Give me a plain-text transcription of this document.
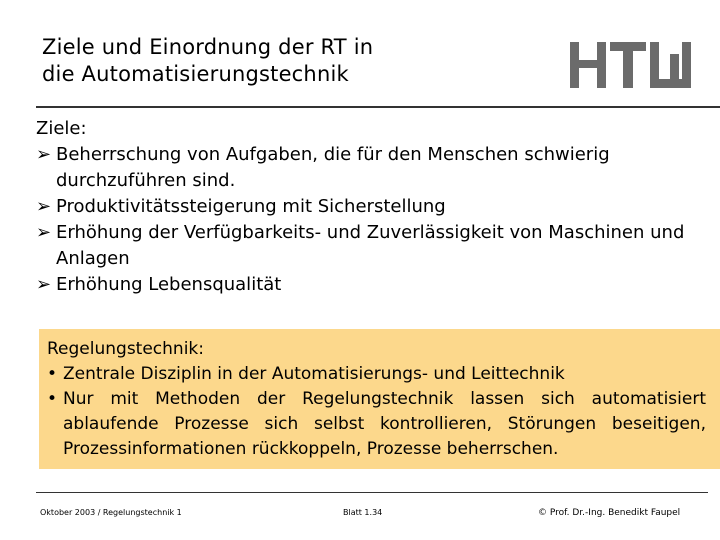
Ziele und Einordnung der RT in
die Automatisierungstechnik

Ziele:

➢ Beherrschung von Aufgaben, die für den Menschen schwierig durchzuführen sind.
➢ Produktivitätssteigerung mit Sicherstellung
➢ Erhöhung der Verfügbarkeits- und Zuverlässigkeit von Maschinen und Anlagen
➢ Erhöhung Lebensqualität

Regelungstechnik:

• Zentrale Disziplin in der Automatisierungs- und Leittechnik
• Nur mit Methoden der Regelungstechnik lassen sich automatisiert ablaufende Prozesse sich selbst kontrollieren, Störungen beseitigen, Prozessinformationen rückkoppeln, Prozesse beherrschen.
Oktober 2003 / Regelungstechnik 1	Blatt 1.34	© Prof. Dr.-Ing. Benedikt Faupel
